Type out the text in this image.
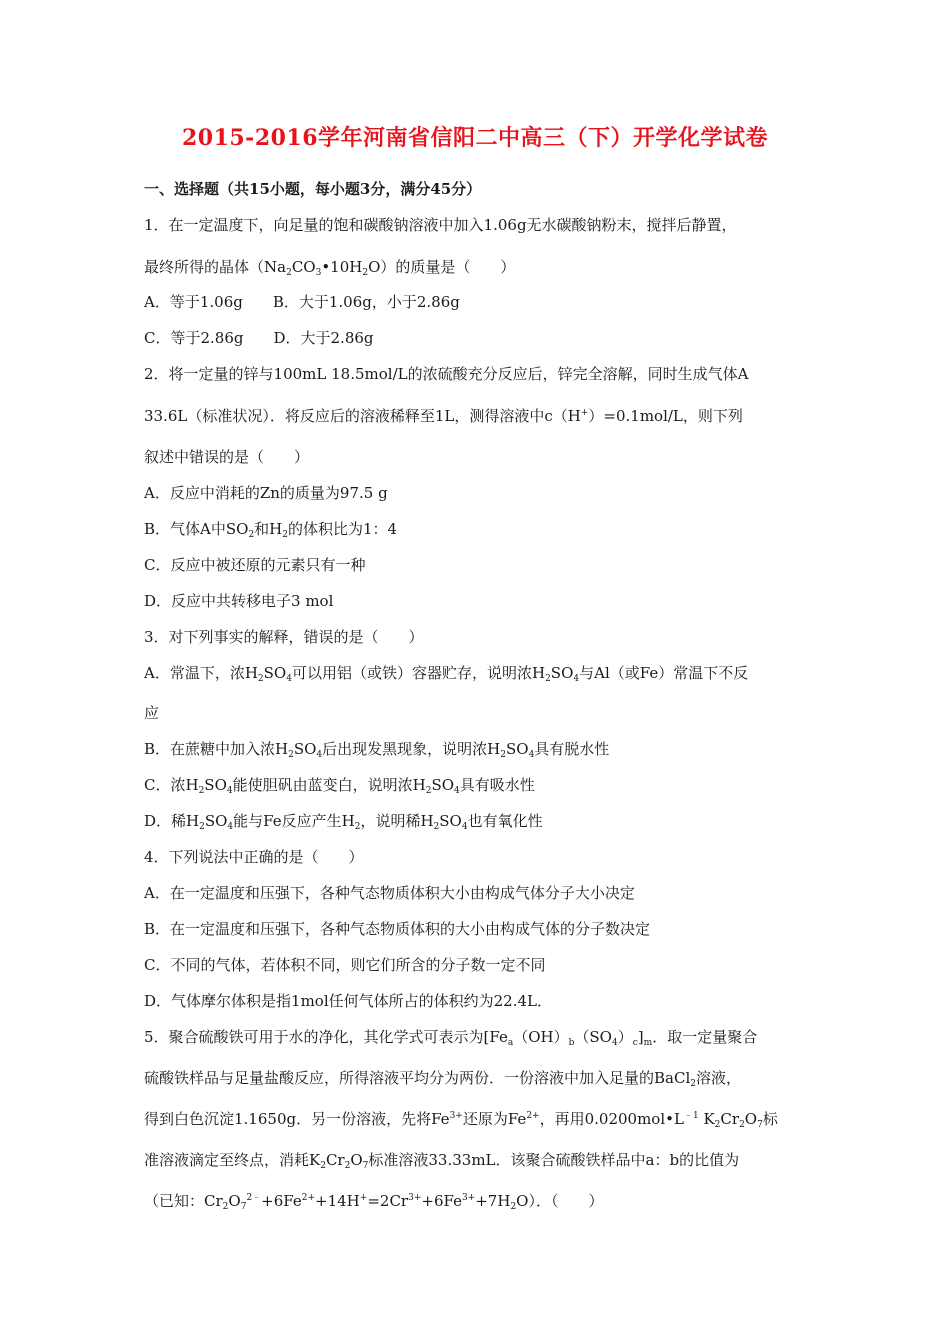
2015-2016学年河南省信阳二中高三（下）开学化学试卷
一、选择题（共15小题，每小题3分，满分45分）
1．在一定温度下，向足量的饱和碳酸钠溶液中加入1.06g无水碳酸钠粉末，搅拌后静置，
最终所得的晶体$(Na_2CO_3•10H_2O)$的质量是（　　）
A．等于1.06g B．大于1.06g，小于2.86g
C．等于2.86g D．大于2.86g
2．将一定量的锌与100mL 18.5mol/L的浓硫酸充分反应后，锌完全溶解，同时生成气体A
33.6L（标准状况）．将反应后的溶液稀释至1L，测得溶液中c（H+）=0.1mol/L，则下列
叙述中错误的是（　　）
A．反应中消耗的Zn的质量为97.5 g
B．气体A中$SO_2$和$H_2$的体积比为1：4
C．反应中被还原的元素只有一种
D．反应中共转移电子3 mol
3．对下列事实的解释，错误的是（　　）
A．常温下，浓$H_2SO_4$可以用铝（或铁）容器贮存，说明浓$H_2SO_4$与Al（或Fe）常温下不反
应
B．在蔗糖中加入浓$H_2SO_4$后出现发黑现象，说明浓$H_2SO_4$具有脱水性
C．浓$H_2SO_4$能使胆矾由蓝变白，说明浓$H_2SO_4$具有吸水性
D．稀$H_2SO_4$能与Fe反应产生$H_2$，说明稀$H_2SO_4$也有氧化性
4．下列说法中正确的是（　　）
A．在一定温度和压强下，各种气态物质体积大小由构成气体分子大小决定
B．在一定温度和压强下，各种气态物质体积的大小由构成气体的分子数决定
C．不同的气体，若体积不同，则它们所含的分子数一定不同
D．气体摩尔体积是指1mol任何气体所占的体积约为22.4L．
5．聚合硫酸铁可用于水的净化，其化学式可表示为$[Fe_a(OH)_b(SO_4)_c]_m$．取一定量聚合
硫酸铁样品与足量盐酸反应，所得溶液平均分为两份．一份溶液中加入足量的BaCl$_2$溶液，
得到白色沉淀1.1650g．另一份溶液，先将$Fe^{3+}$还原为$Fe^{2+}$，再用$0.0200mol•L^{﹣1}$ $K_2Cr_2O_7$标
准溶液滴定至终点，消耗$K_2Cr_2O_7$标准溶液33.33mL．该聚合硫酸铁样品中a：b的比值为
（已知：$Cr_2O_7^{2﹣}+6Fe^{2+}+14H^+=2Cr^{3+}+6Fe^{3+}+7H_2O$）．（　　）
